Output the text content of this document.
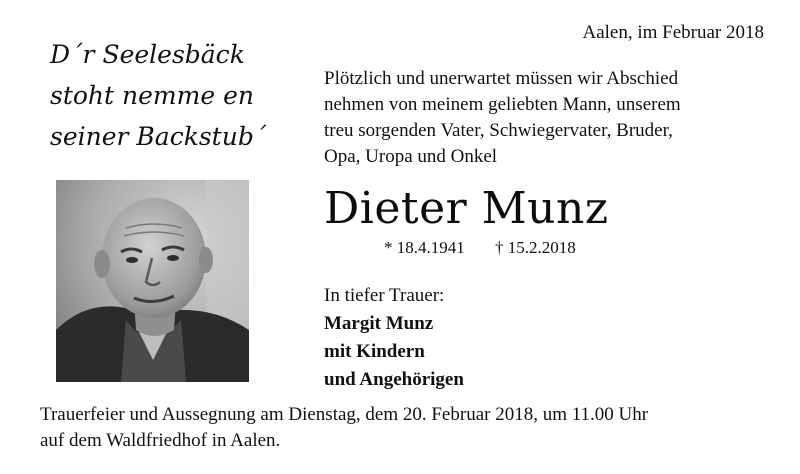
D´r Seelesbäck
stoht nemme en
seiner Backstub´
Aalen, im Februar 2018
Plötzlich und unerwartet müssen wir Abschied
nehmen von meinem geliebten Mann, unserem
treu sorgenden Vater, Schwiegervater, Bruder,
Opa, Uropa und Onkel
Dieter Munz
* 18.4.1941 † 15.2.2018
In tiefer Trauer:
Margit Munz
mit Kindern
und Angehörigen
Trauerfeier und Aussegnung am Dienstag, dem 20. Februar 2018, um 11.00 Uhr
auf dem Waldfriedhof in Aalen.
